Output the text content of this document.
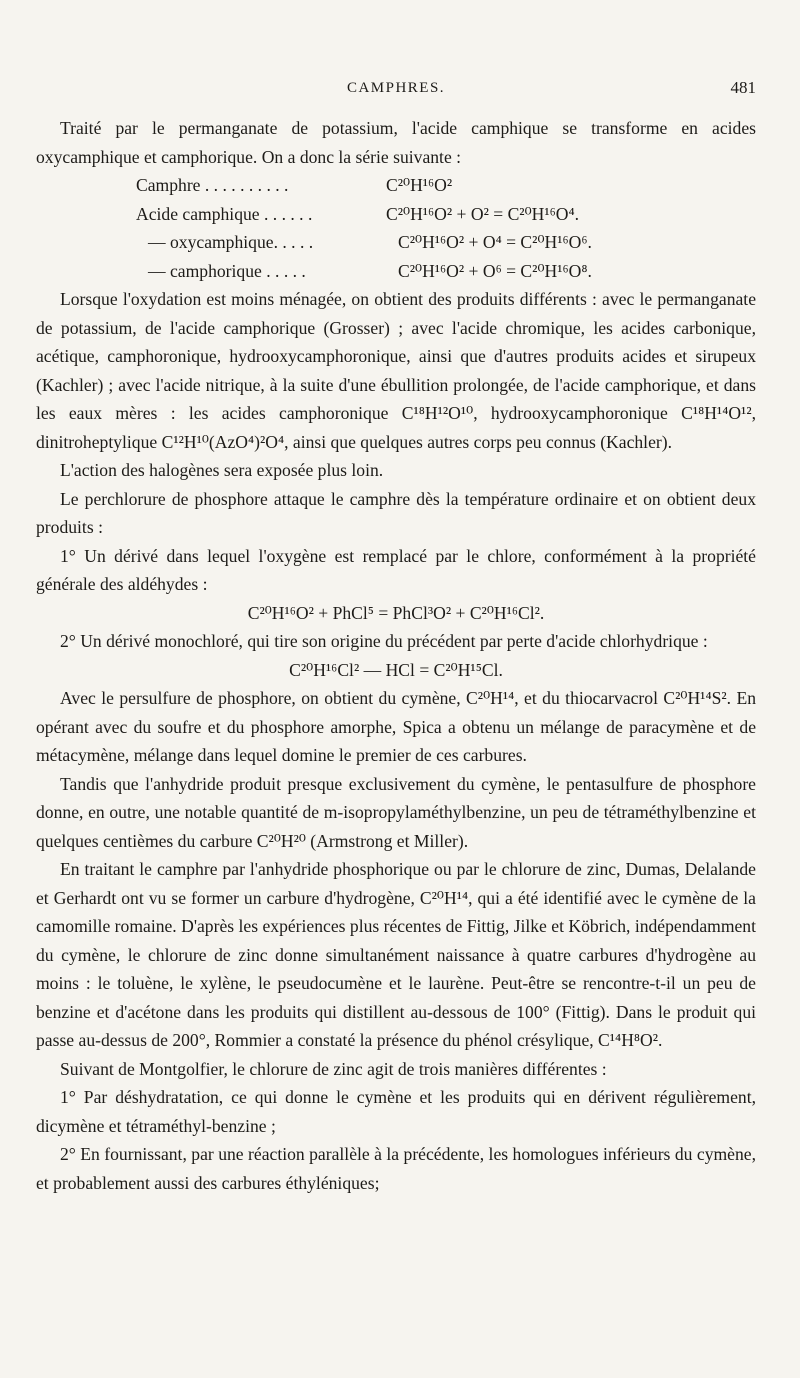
CAMPHRES.	481

Traité par le permanganate de potassium, l'acide camphique se transforme en acides oxycamphique et camphorique. On a donc la série suivante :

Camphre . . . . . . . . . .	C²⁰H¹⁶O²
Acide camphique . . . . . .	C²⁰H¹⁶O² + O² = C²⁰H¹⁶O⁴.
— oxycamphique. . . . .	C²⁰H¹⁶O² + O⁴ = C²⁰H¹⁶O⁶.
— camphorique . . . . .	C²⁰H¹⁶O² + O⁶ = C²⁰H¹⁶O⁸.

Lorsque l'oxydation est moins ménagée, on obtient des produits différents : avec le permanganate de potassium, de l'acide camphorique (Grosser) ; avec l'acide chromique, les acides carbonique, acétique, camphoronique, hydrooxycamphoronique, ainsi que d'autres produits acides et sirupeux (Kachler) ; avec l'acide nitrique, à la suite d'une ébullition prolongée, de l'acide camphorique, et dans les eaux mères : les acides camphoronique C¹⁸H¹²O¹⁰, hydrooxycamphoronique C¹⁸H¹⁴O¹², dinitroheptylique C¹²H¹⁰(AzO⁴)²O⁴, ainsi que quelques autres corps peu connus (Kachler).

L'action des halogènes sera exposée plus loin.

Le perchlorure de phosphore attaque le camphre dès la température ordinaire et on obtient deux produits :

1° Un dérivé dans lequel l'oxygène est remplacé par le chlore, conformément à la propriété générale des aldéhydes :

C²⁰H¹⁶O² + PhCl⁵ = PhCl³O² + C²⁰H¹⁶Cl².

2° Un dérivé monochloré, qui tire son origine du précédent par perte d'acide chlorhydrique :

C²⁰H¹⁶Cl² — HCl = C²⁰H¹⁵Cl.

Avec le persulfure de phosphore, on obtient du cymène, C²⁰H¹⁴, et du thiocarvacrol C²⁰H¹⁴S². En opérant avec du soufre et du phosphore amorphe, Spica a obtenu un mélange de paracymène et de métacymène, mélange dans lequel domine le premier de ces carbures.

Tandis que l'anhydride produit presque exclusivement du cymène, le pentasulfure de phosphore donne, en outre, une notable quantité de m-isopropylaméthylbenzine, un peu de tétraméthylbenzine et quelques centièmes du carbure C²⁰H²⁰ (Armstrong et Miller).

En traitant le camphre par l'anhydride phosphorique ou par le chlorure de zinc, Dumas, Delalande et Gerhardt ont vu se former un carbure d'hydrogène, C²⁰H¹⁴, qui a été identifié avec le cymène de la camomille romaine. D'après les expériences plus récentes de Fittig, Jilke et Köbrich, indépendamment du cymène, le chlorure de zinc donne simultanément naissance à quatre carbures d'hydrogène au moins : le toluène, le xylène, le pseudocumène et le laurène. Peut-être se rencontre-t-il un peu de benzine et d'acétone dans les produits qui distillent au-dessous de 100° (Fittig). Dans le produit qui passe au-dessus de 200°, Rommier a constaté la présence du phénol crésylique, C¹⁴H⁸O².

Suivant de Montgolfier, le chlorure de zinc agit de trois manières différentes :

1° Par déshydratation, ce qui donne le cymène et les produits qui en dérivent régulièrement, dicymène et tétraméthyl-benzine ;

2° En fournissant, par une réaction parallèle à la précédente, les homologues inférieurs du cymène, et probablement aussi des carbures éthyléniques;
